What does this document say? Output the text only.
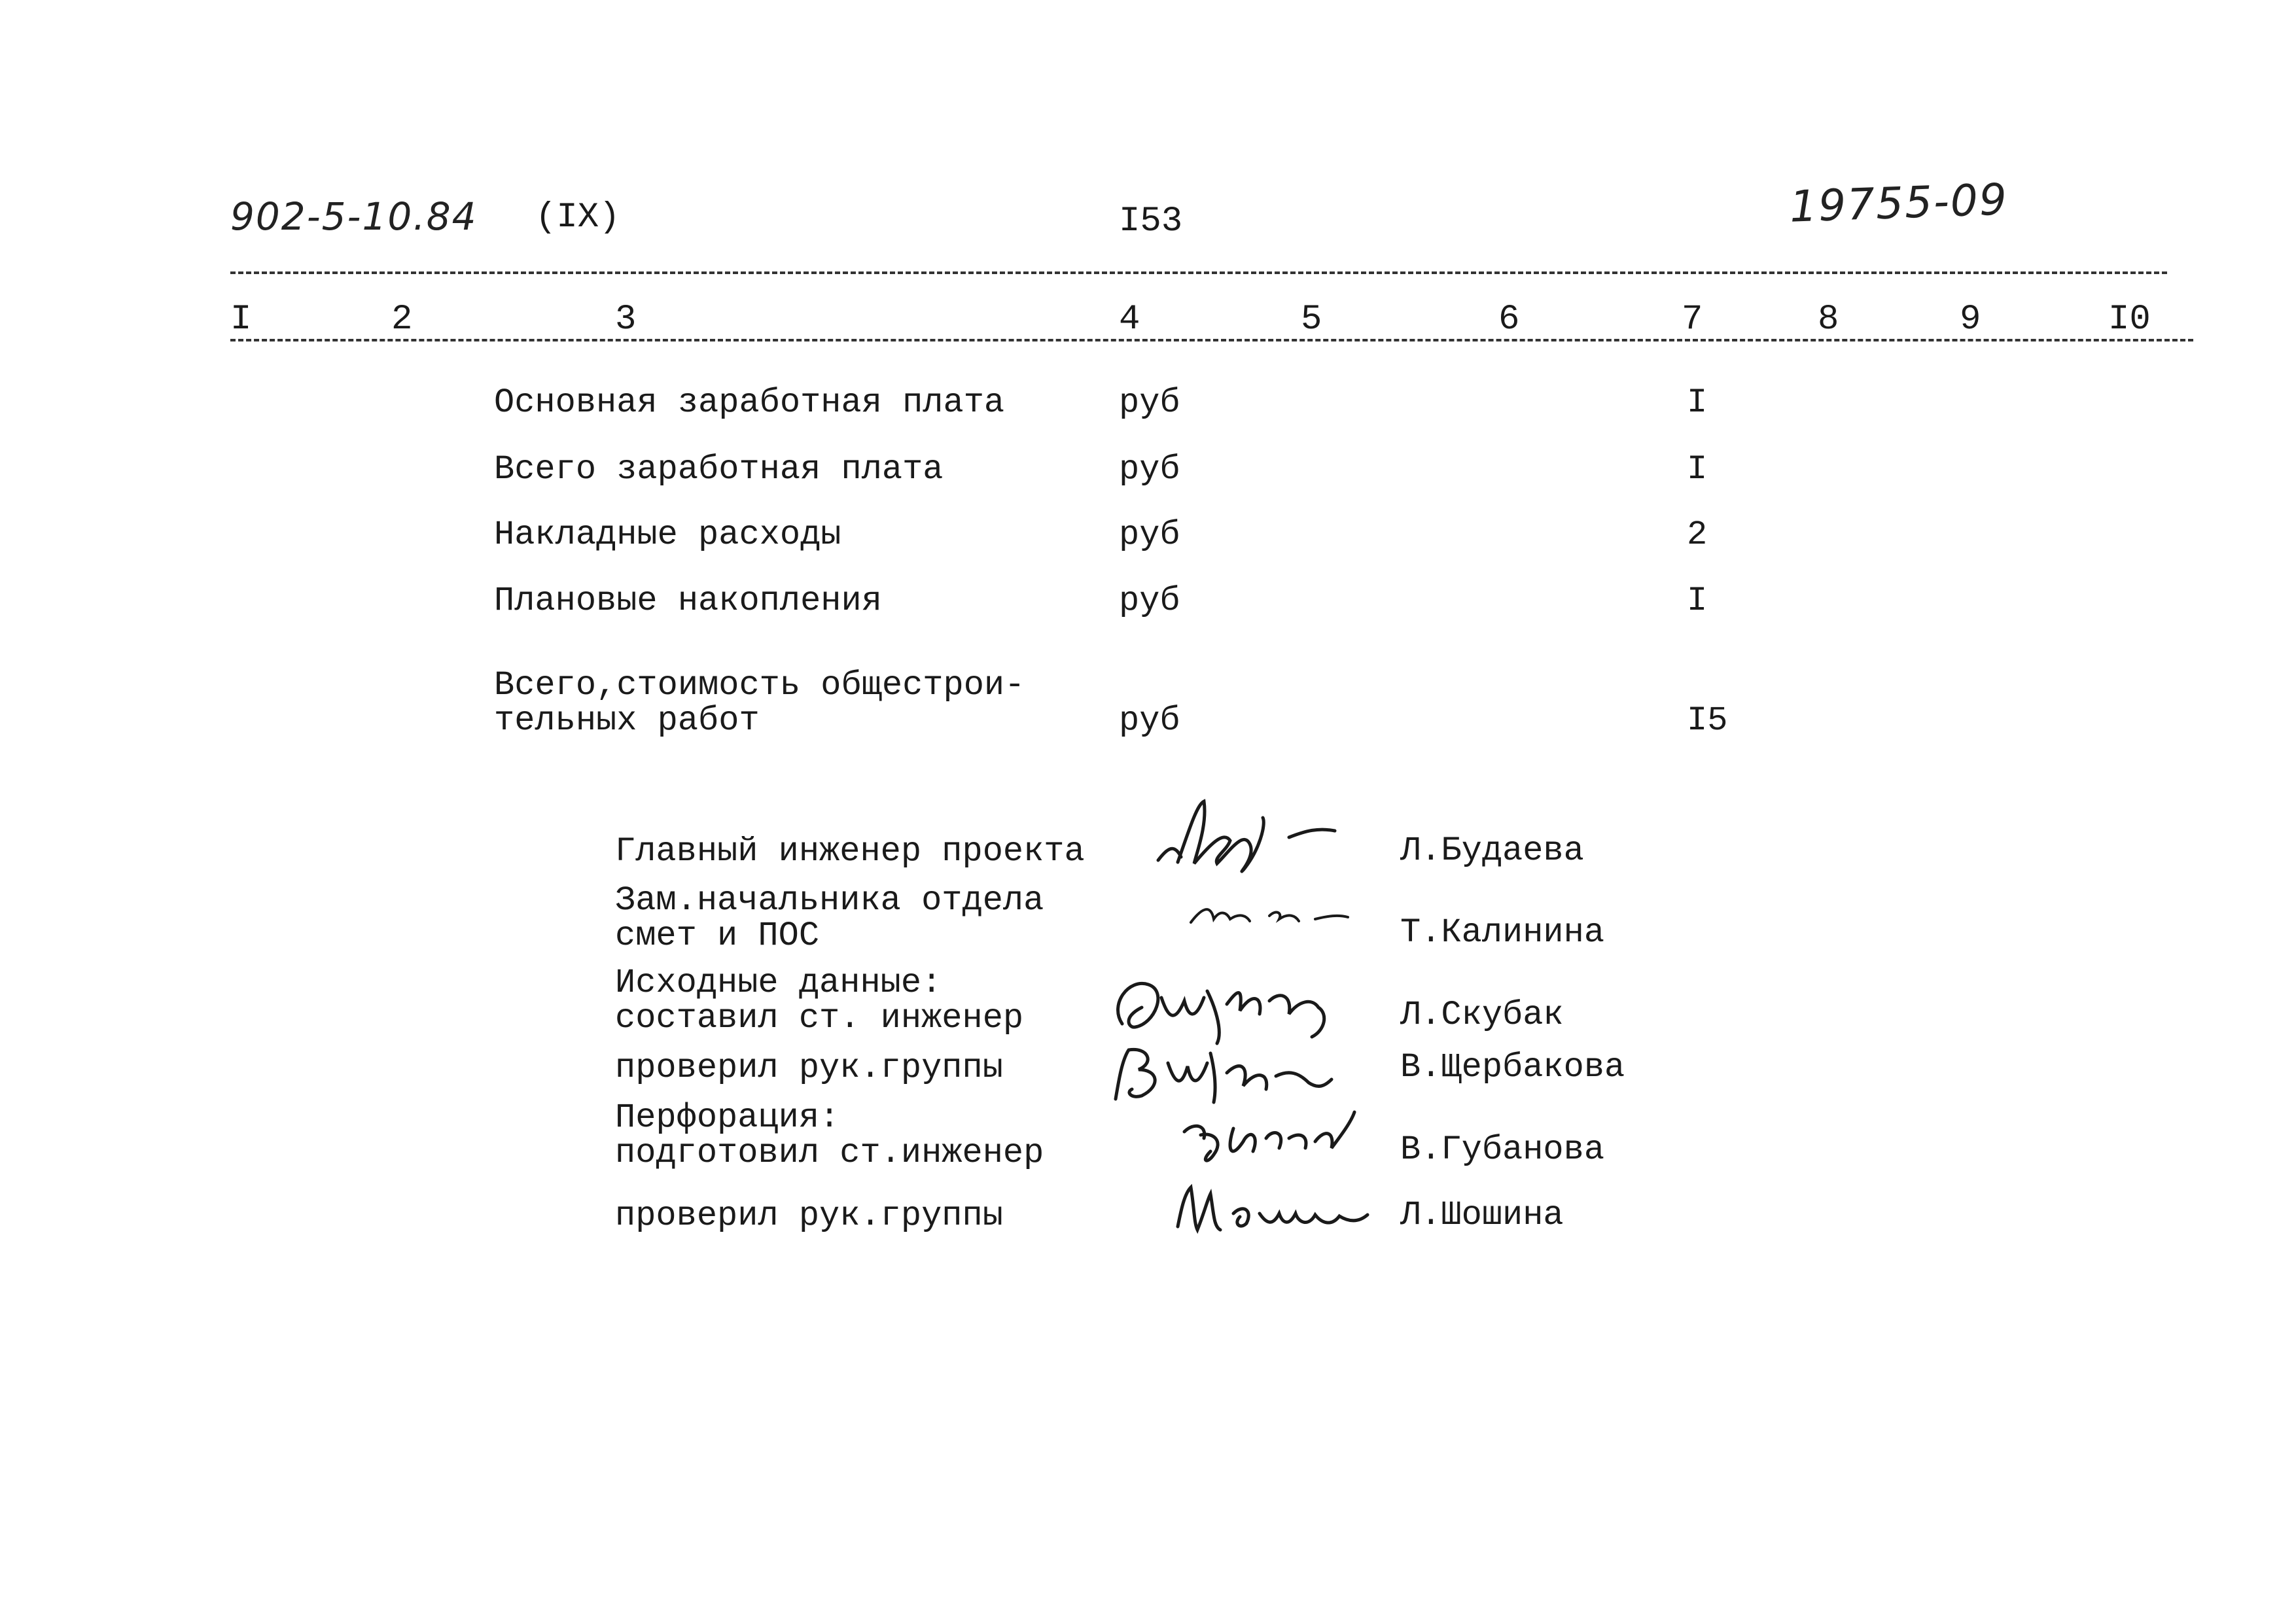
902-5-10.84 (IX)	I53	19755-09
I	2	3	4	5	6	7	8	9	I0
Основная заработная плата	руб	I
Всего заработная плата	руб	I
Накладные расходы	руб	2
Плановые накопления	руб	I
Всего,стоимость общестрои-
тельных работ	руб	I5
Главный инженер проекта	Л.Будаева
Зам.начальника отдела
смет и ПОС	Т.Калинина
Исходные данные:
составил ст. инженер	Л.Скубак
проверил рук.группы	В.Щербакова
Перфорация:
подготовил ст.инженер	В.Губанова
проверил рук.группы	Л.Шошина
